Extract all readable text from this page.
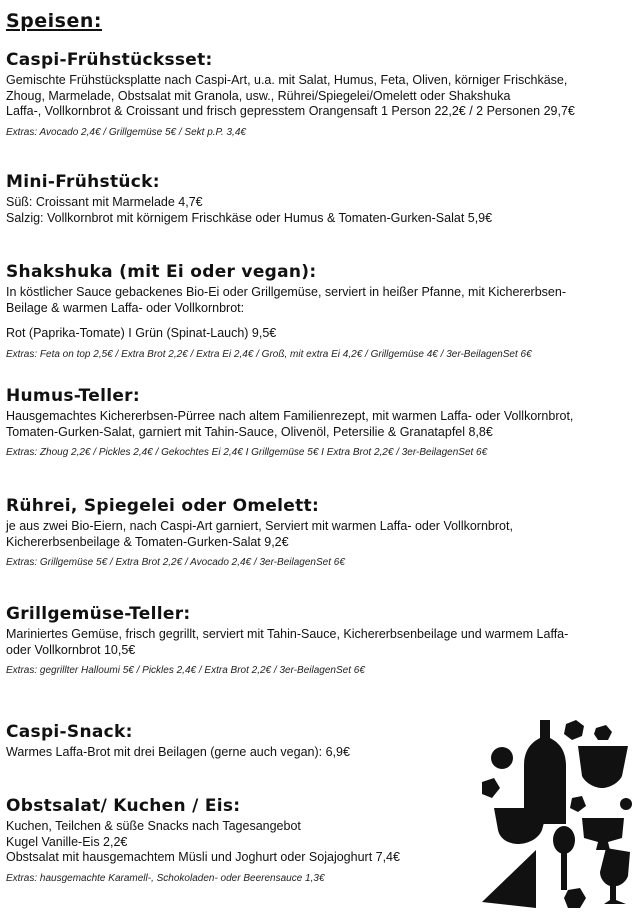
Speisen:
Caspi-Frühstücksset:

Gemischte Frühstücksplatte nach Caspi-Art, u.a. mit Salat, Humus, Feta, Oliven, körniger Frischkäse,

Zhoug, Marmelade, Obstsalat mit Granola, usw., Rührei/Spiegelei/Omelett oder Shakshuka

Laffa-, Vollkornbrot & Croissant und frisch gepresstem Orangensaft 1 Person 22,2€ / 2 Personen 29,7€

Extras: Avocado 2,4€ / Grillgemüse 5€ / Sekt p.P. 3,4€
Mini-Frühstück:

Süß: Croissant mit Marmelade 4,7€

Salzig: Vollkornbrot mit körnigem Frischkäse oder Humus & Tomaten-Gurken-Salat 5,9€

Shakshuka (mit Ei oder vegan):

In köstlicher Sauce gebackenes Bio-Ei oder Grillgemüse, serviert in heißer Pfanne, mit Kichererbsen-

Beilage & warmen Laffa- oder Vollkornbrot:

Rot (Paprika-Tomate) I Grün (Spinat-Lauch) 9,5€

Extras: Feta on top 2,5€ / Extra Brot 2,2€ / Extra Ei 2,4€ / Groß, mit extra Ei 4,2€ / Grillgemüse 4€ / 3er-BeilagenSet 6€
Humus-Teller:

Hausgemachtes Kichererbsen-Pürree nach altem Familienrezept, mit warmen Laffa- oder Vollkornbrot,

Tomaten-Gurken-Salat, garniert mit Tahin-Sauce, Olivenöl, Petersilie & Granatapfel 8,8€

Extras: Zhoug 2,2€ / Pickles 2,4€ / Gekochtes Ei 2,4€ I Grillgemüse 5€ I Extra Brot 2,2€ / 3er-BeilagenSet 6€
Rührei, Spiegelei oder Omelett:

je aus zwei Bio-Eiern, nach Caspi-Art garniert, Serviert mit warmen Laffa- oder Vollkornbrot,

Kichererbsenbeilage & Tomaten-Gurken-Salat 9,2€

Extras: Grillgemüse 5€ / Extra Brot 2,2€ / Avocado 2,4€ / 3er-BeilagenSet 6€
Grillgemüse-Teller:

Mariniertes Gemüse, frisch gegrillt, serviert mit Tahin-Sauce, Kichererbsenbeilage und warmem Laffa-

oder Vollkornbrot 10,5€

Extras: gegrillter Halloumi 5€ / Pickles 2,4€ / Extra Brot 2,2€ / 3er-BeilagenSet 6€
Caspi-Snack:

Warmes Laffa-Brot mit drei Beilagen (gerne auch vegan): 6,9€

Obstsalat/ Kuchen / Eis:

Kuchen, Teilchen & süße Snacks nach Tagesangebot

Kugel Vanille-Eis 2,2€

Obstsalat mit hausgemachtem Müsli und Joghurt oder Sojajoghurt 7,4€

Extras: hausgemachte Karamell-, Schokoladen- oder Beerensauce 1,3€
